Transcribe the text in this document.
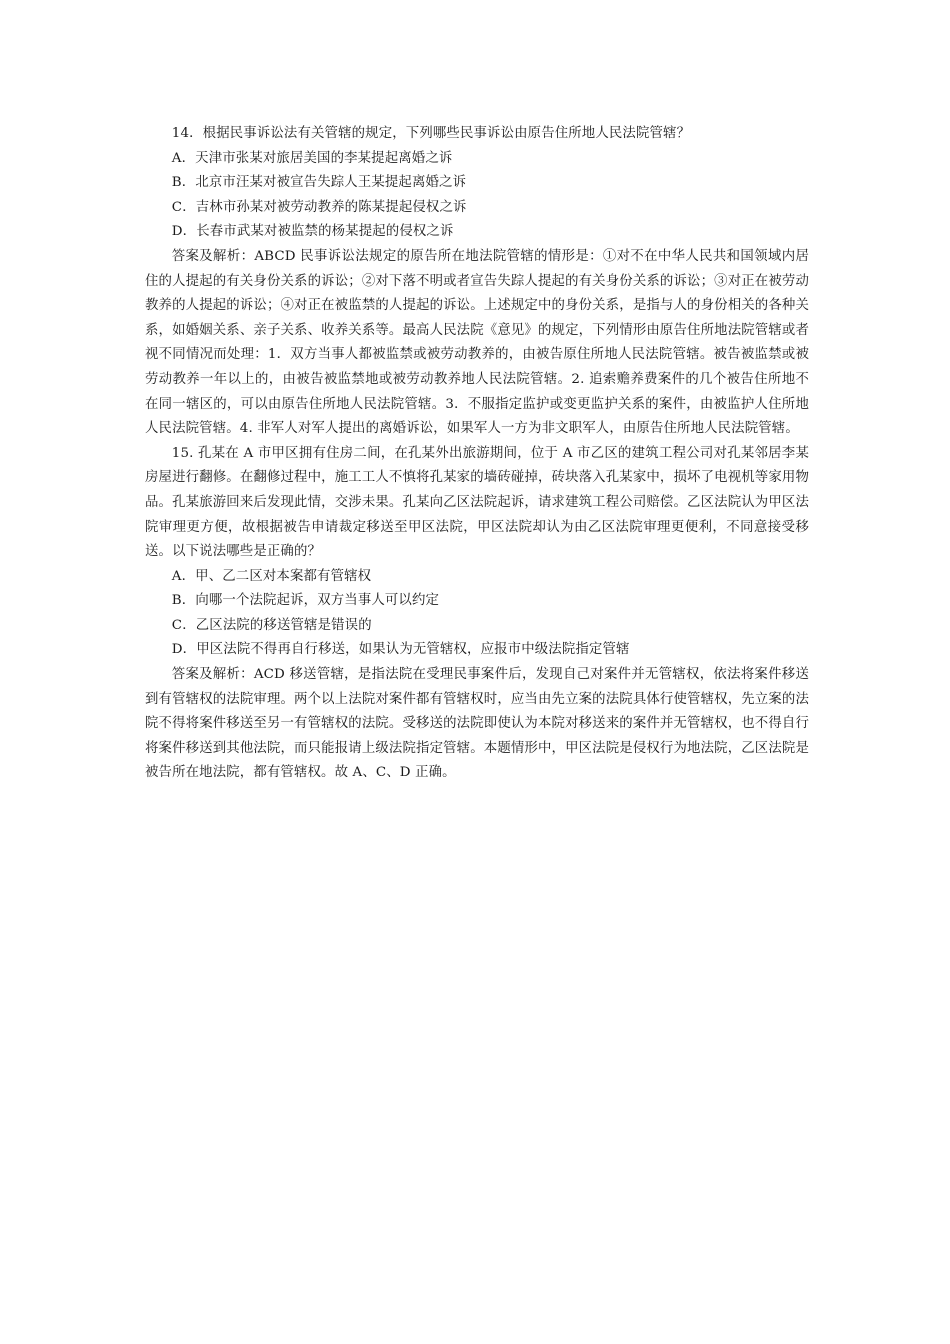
14．根据民事诉讼法有关管辖的规定，下列哪些民事诉讼由原告住所地人民法院管辖？

A．天津市张某对旅居美国的李某提起离婚之诉

B．北京市汪某对被宣告失踪人王某提起离婚之诉

C．吉林市孙某对被劳动教养的陈某提起侵权之诉

D．长春市武某对被监禁的杨某提起的侵权之诉

答案及解析：ABCD 民事诉讼法规定的原告所在地法院管辖的情形是：①对不在中华人民共和国领域内居住的人提起的有关身份关系的诉讼；②对下落不明或者宣告失踪人提起的有关身份关系的诉讼；③对正在被劳动教养的人提起的诉讼；④对正在被监禁的人提起的诉讼。上述规定中的身份关系，是指与人的身份相关的各种关系，如婚姻关系、亲子关系、收养关系等。最高人民法院《意见》的规定，下列情形由原告住所地法院管辖或者视不同情况而处理：1．双方当事人都被监禁或被劳动教养的，由被告原住所地人民法院管辖。被告被监禁或被劳动教养一年以上的，由被告被监禁地或被劳动教养地人民法院管辖。2. 追索赡养费案件的几个被告住所地不在同一辖区的，可以由原告住所地人民法院管辖。3．不服指定监护或变更监护关系的案件，由被监护人住所地人民法院管辖。4. 非军人对军人提出的离婚诉讼，如果军人一方为非文职军人，由原告住所地人民法院管辖。

15. 孔某在 A 市甲区拥有住房二间，在孔某外出旅游期间，位于 A 市乙区的建筑工程公司对孔某邻居李某房屋进行翻修。在翻修过程中，施工工人不慎将孔某家的墙砖碰掉，砖块落入孔某家中，损坏了电视机等家用物品。孔某旅游回来后发现此情，交涉未果。孔某向乙区法院起诉，请求建筑工程公司赔偿。乙区法院认为甲区法院审理更方便，故根据被告申请裁定移送至甲区法院，甲区法院却认为由乙区法院审理更便利，不同意接受移送。以下说法哪些是正确的？

A．甲、乙二区对本案都有管辖权

B．向哪一个法院起诉，双方当事人可以约定

C．乙区法院的移送管辖是错误的

D．甲区法院不得再自行移送，如果认为无管辖权，应报市中级法院指定管辖

答案及解析：ACD 移送管辖，是指法院在受理民事案件后，发现自己对案件并无管辖权，依法将案件移送到有管辖权的法院审理。两个以上法院对案件都有管辖权时，应当由先立案的法院具体行使管辖权，先立案的法院不得将案件移送至另一有管辖权的法院。受移送的法院即使认为本院对移送来的案件并无管辖权，也不得自行将案件移送到其他法院，而只能报请上级法院指定管辖。本题情形中，甲区法院是侵权行为地法院，乙区法院是被告所在地法院，都有管辖权。故 A、C、D 正确。
